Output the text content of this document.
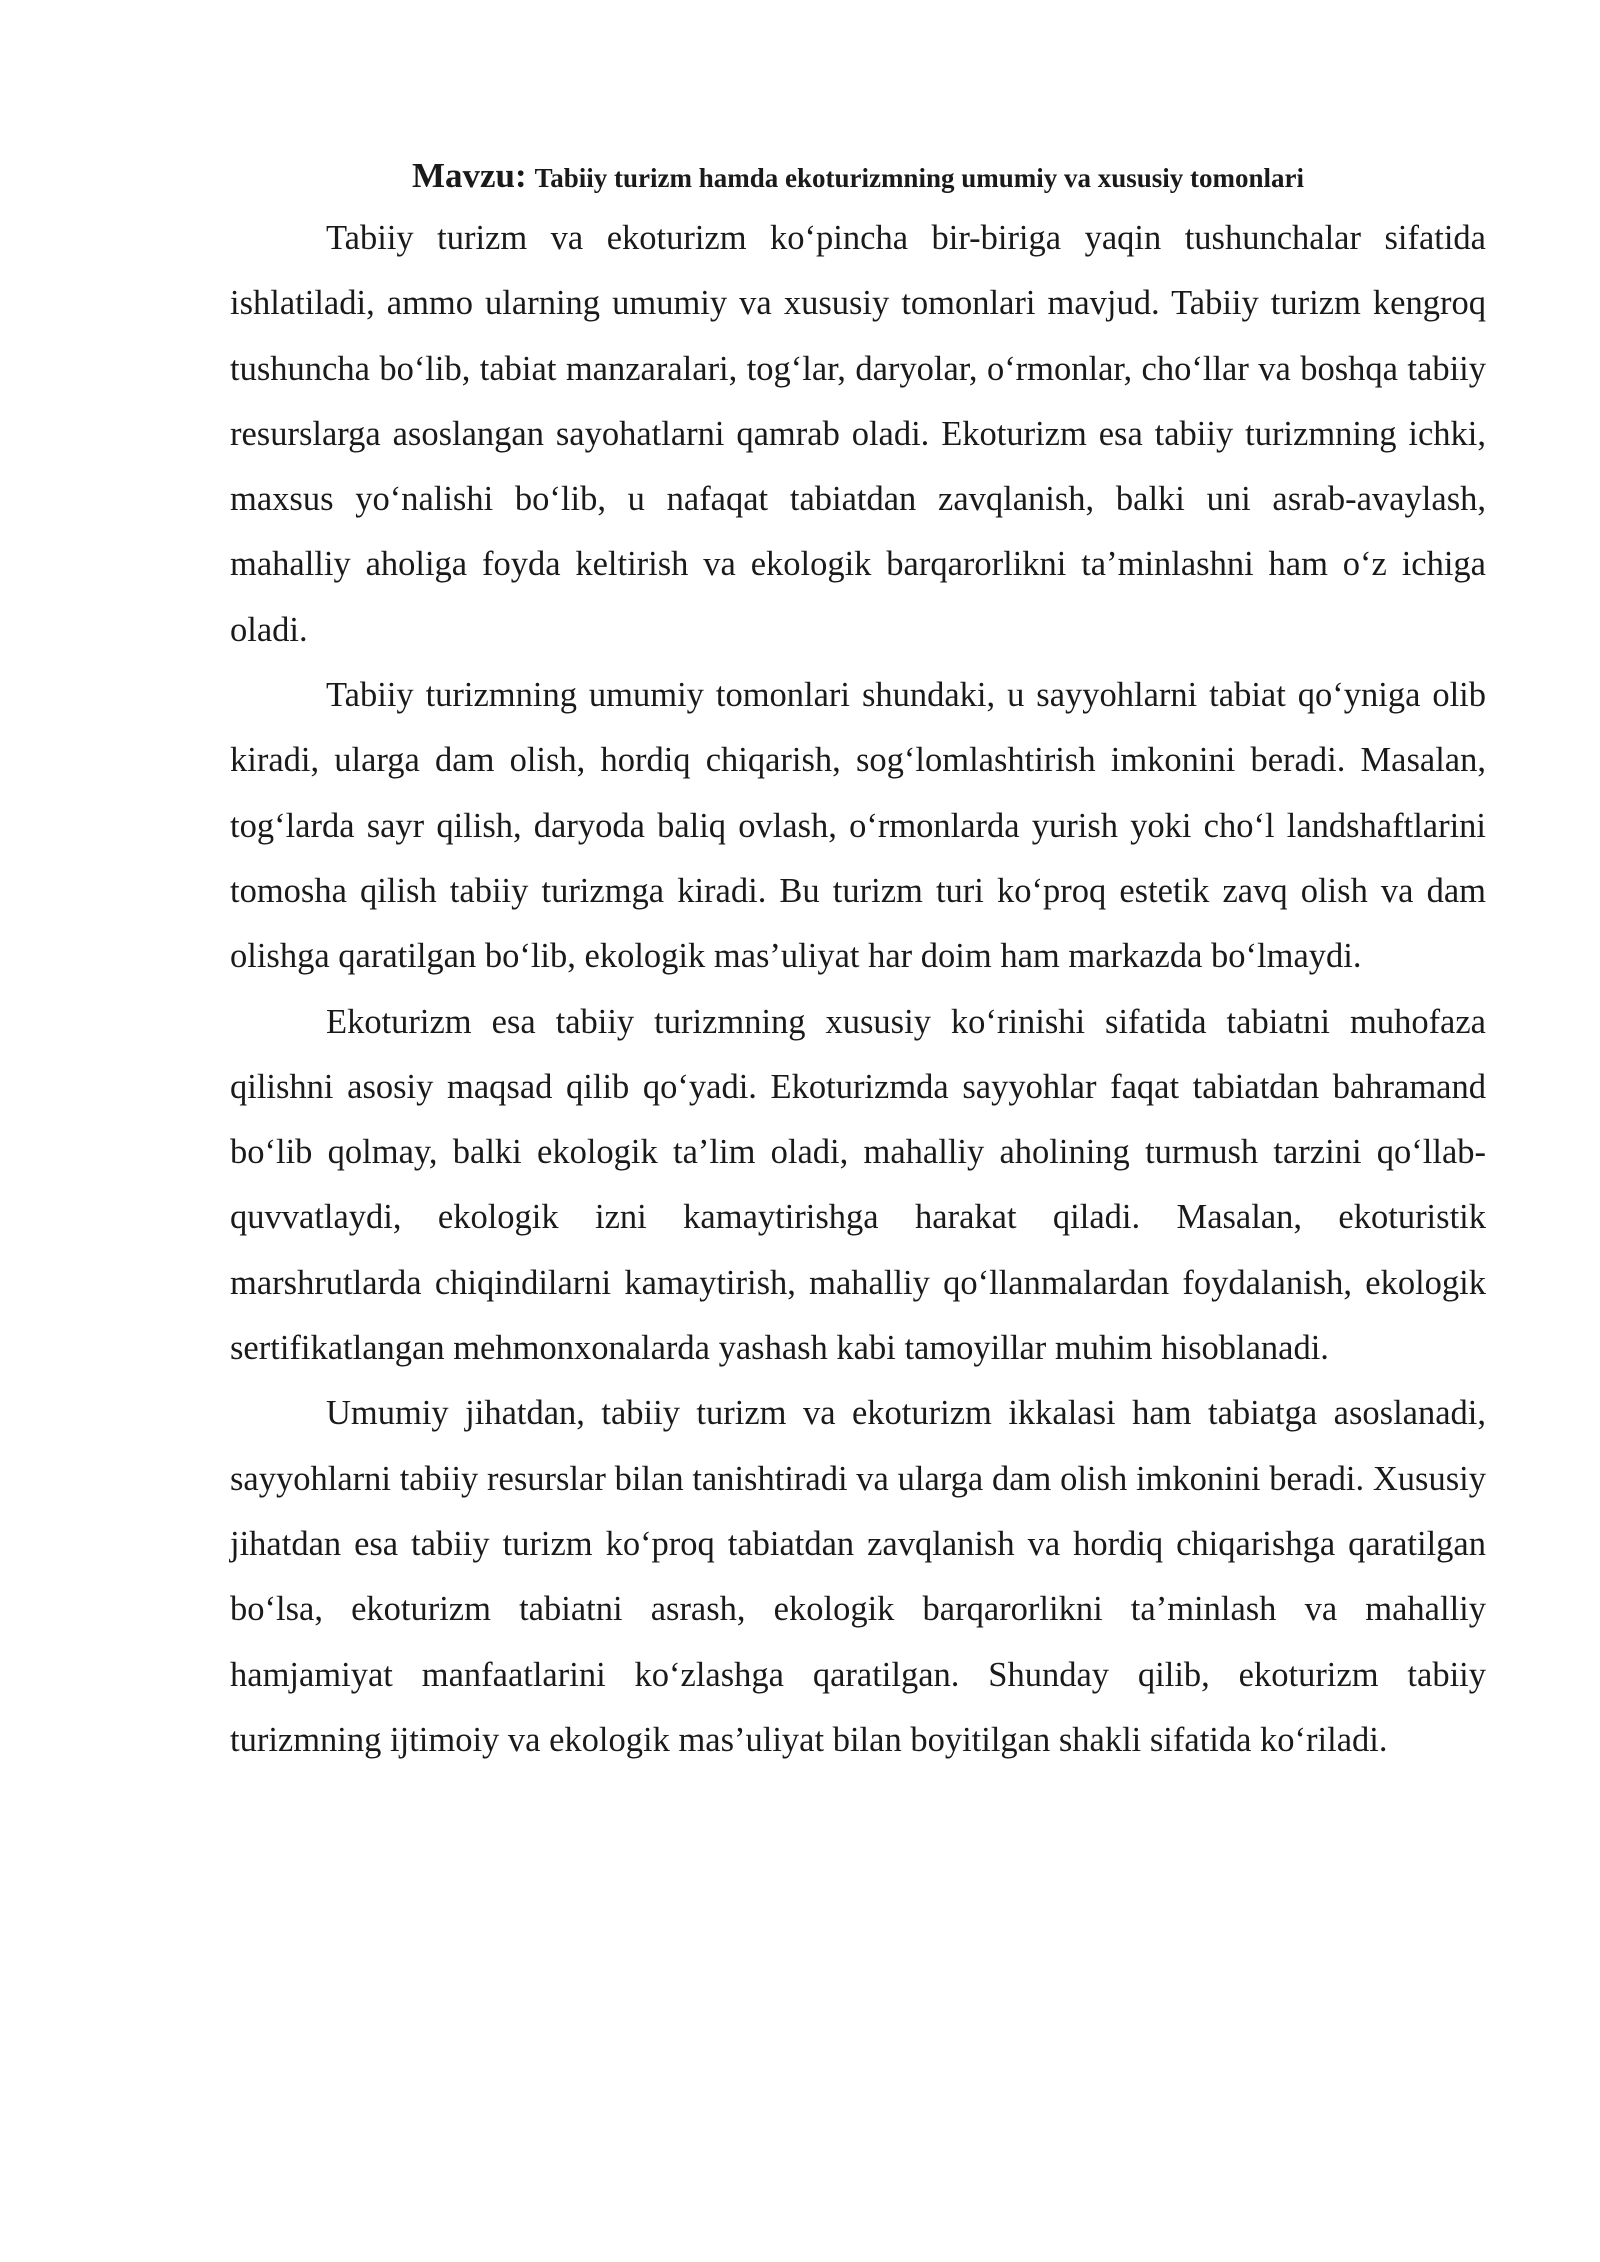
Mavzu: Tabiiy turizm hamda ekoturizmning umumiy va xususiy tomonlari

Tabiiy turizm va ekoturizm ko‘pincha bir-biriga yaqin tushunchalar sifatida ishlatiladi, ammo ularning umumiy va xususiy tomonlari mavjud. Tabiiy turizm kengroq tushuncha bo‘lib, tabiat manzaralari, tog‘lar, daryolar, o‘rmonlar, cho‘llar va boshqa tabiiy resurslarga asoslangan sayohatlarni qamrab oladi. Ekoturizm esa tabiiy turizmning ichki, maxsus yo‘nalishi bo‘lib, u nafaqat tabiatdan zavqlanish, balki uni asrab-avaylash, mahalliy aholiga foyda keltirish va ekologik barqarorlikni ta’minlashni ham o‘z ichiga oladi.

Tabiiy turizmning umumiy tomonlari shundaki, u sayyohlarni tabiat qo‘yniga olib kiradi, ularga dam olish, hordiq chiqarish, sog‘lomlashtirish imkonini beradi. Masalan, tog‘larda sayr qilish, daryoda baliq ovlash, o‘rmonlarda yurish yoki cho‘l landshaftlarini tomosha qilish tabiiy turizmga kiradi. Bu turizm turi ko‘proq estetik zavq olish va dam olishga qaratilgan bo‘lib, ekologik mas’uliyat har doim ham markazda bo‘lmaydi.

Ekoturizm esa tabiiy turizmning xususiy ko‘rinishi sifatida tabiatni muhofaza qilishni asosiy maqsad qilib qo‘yadi. Ekoturizmda sayyohlar faqat tabiatdan bahramand bo‘lib qolmay, balki ekologik ta’lim oladi, mahalliy aholining turmush tarzini qo‘llab-quvvatlaydi, ekologik izni kamaytirishga harakat qiladi. Masalan, ekoturistik marshrutlarda chiqindilarni kamaytirish, mahalliy qo‘llanmalardan foydalanish, ekologik sertifikatlangan mehmonxonalarda yashash kabi tamoyillar muhim hisoblanadi.

Umumiy jihatdan, tabiiy turizm va ekoturizm ikkalasi ham tabiatga asoslanadi, sayyohlarni tabiiy resurslar bilan tanishtiradi va ularga dam olish imkonini beradi. Xususiy jihatdan esa tabiiy turizm ko‘proq tabiatdan zavqlanish va hordiq chiqarishga qaratilgan bo‘lsa, ekoturizm tabiatni asrash, ekologik barqarorlikni ta’minlash va mahalliy hamjamiyat manfaatlarini ko‘zlashga qaratilgan. Shunday qilib, ekoturizm tabiiy turizmning ijtimoiy va ekologik mas’uliyat bilan boyitilgan shakli sifatida ko‘riladi.
